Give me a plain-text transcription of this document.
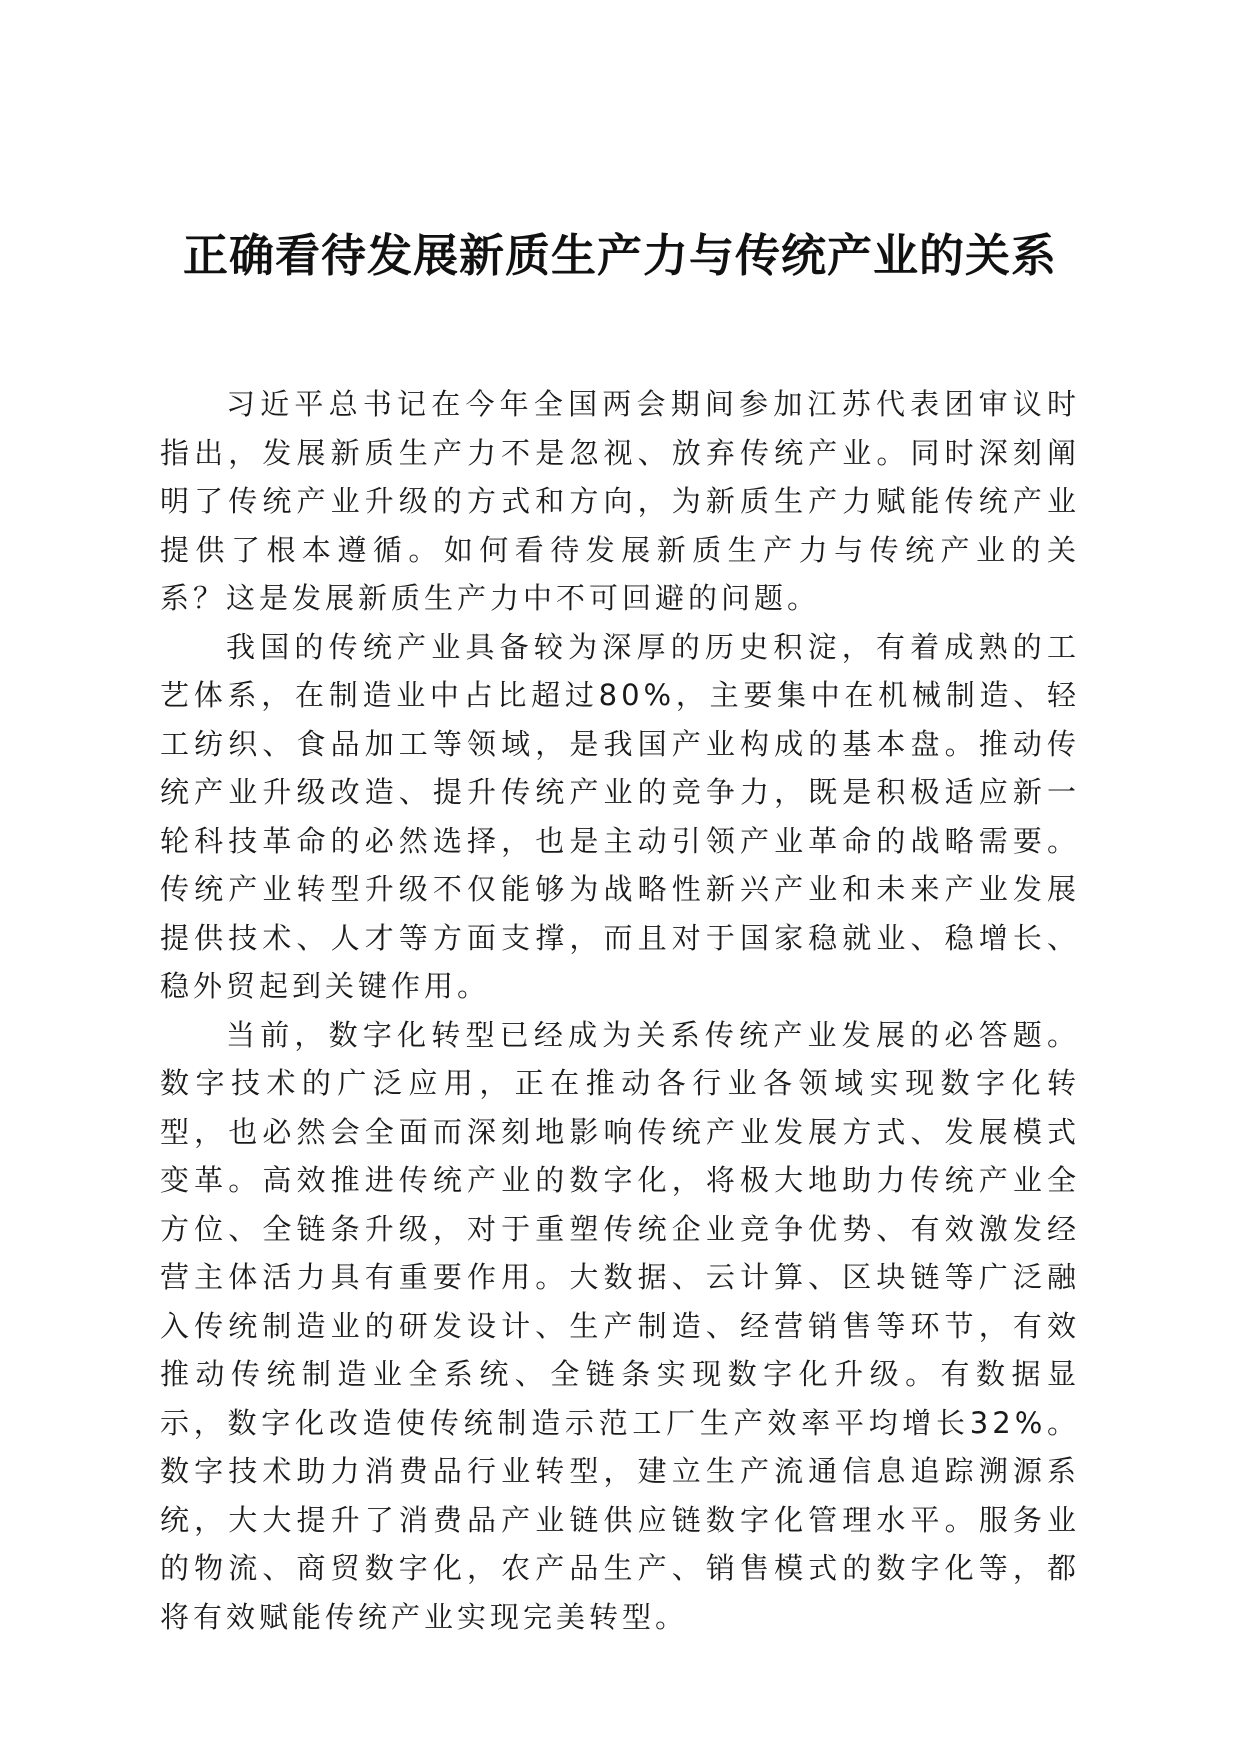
正确看待发展新质生产力与传统产业的关系

习近平总书记在今年全国两会期间参加江苏代表团审议时指出，发展新质生产力不是忽视、放弃传统产业。同时深刻阐明了传统产业升级的方式和方向，为新质生产力赋能传统产业提供了根本遵循。如何看待发展新质生产力与传统产业的关系？这是发展新质生产力中不可回避的问题。

我国的传统产业具备较为深厚的历史积淀，有着成熟的工艺体系，在制造业中占比超过80%，主要集中在机械制造、轻工纺织、食品加工等领域，是我国产业构成的基本盘。推动传统产业升级改造、提升传统产业的竞争力，既是积极适应新一轮科技革命的必然选择，也是主动引领产业革命的战略需要。传统产业转型升级不仅能够为战略性新兴产业和未来产业发展提供技术、人才等方面支撑，而且对于国家稳就业、稳增长、稳外贸起到关键作用。

当前，数字化转型已经成为关系传统产业发展的必答题。数字技术的广泛应用，正在推动各行业各领域实现数字化转型，也必然会全面而深刻地影响传统产业发展方式、发展模式变革。高效推进传统产业的数字化，将极大地助力传统产业全方位、全链条升级，对于重塑传统企业竞争优势、有效激发经营主体活力具有重要作用。大数据、云计算、区块链等广泛融入传统制造业的研发设计、生产制造、经营销售等环节，有效推动传统制造业全系统、全链条实现数字化升级。有数据显示，数字化改造使传统制造示范工厂生产效率平均增长32%。数字技术助力消费品行业转型，建立生产流通信息追踪溯源系统，大大提升了消费品产业链供应链数字化管理水平。服务业的物流、商贸数字化，农产品生产、销售模式的数字化等，都将有效赋能传统产业实现完美转型。
